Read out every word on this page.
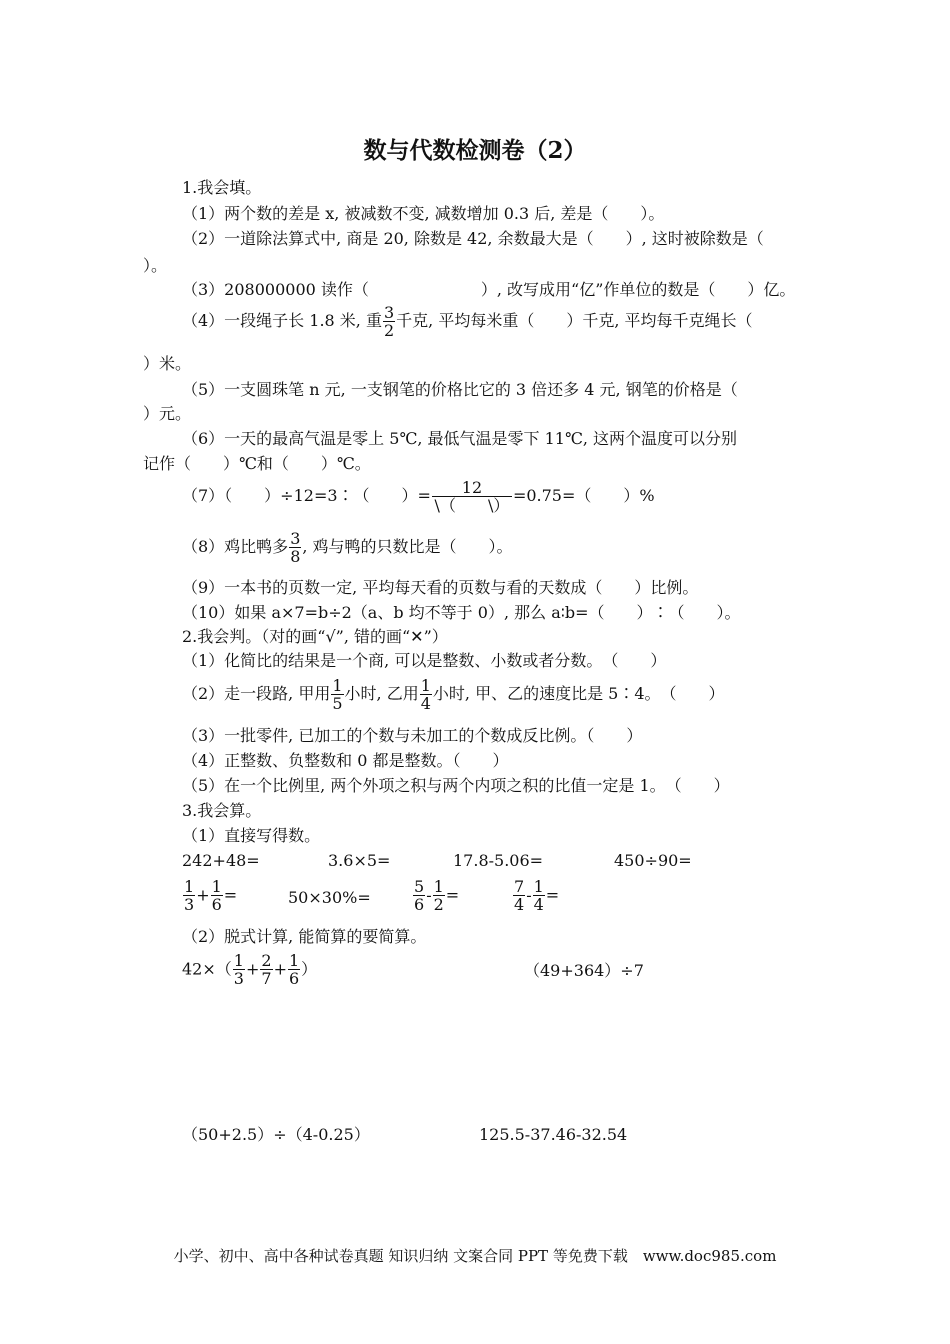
数与代数检测卷（2）
1.我会填。
（1）两个数的差是 x, 被减数不变, 减数增加 0.3 后, 差是（　　）。
（2）一道除法算式中, 商是 20, 除数是 42, 余数最大是（　　）, 这时被除数是（
）。
（3）208000000 读作（　　　　　　　）, 改写成用“亿”作单位的数是（　　）亿。
（4）一段绳子长 1.8 米, 重 $\frac{3}{2}$ 千克, 平均每米重（　　）千克, 平均每千克绳长（
）米。
（5）一支圆珠笔 n 元, 一支钢笔的价格比它的 3 倍还多 4 元, 钢笔的价格是（
）元。
（6）一天的最高气温是零上 5℃, 最低气温是零下 11℃, 这两个温度可以分别
记作（　　）℃和（　　）℃。
（7）（　　）÷12=3∶（　　）=	12
\（　　\）
=0.75=（　　）%
（8）鸡比鸭多 $\frac{3}{8}$ , 鸡与鸭的只数比是（　　）。
（9）一本书的页数一定, 平均每天看的页数与看的天数成（　　）比例。
（10）如果 a×7=b÷2（a、b 均不等于 0）, 那么 a∶b=（　　）∶（　　）。
2.我会判。（对的画“√”, 错的画“✕”）
（1）化简比的结果是一个商, 可以是整数、小数或者分数。　（　　）
（2）走一段路, 甲用 $\frac{1}{5}$ 小时, 乙用 $\frac{1}{4}$ 小时, 甲、乙的速度比是 5∶4。　（　　）
（3）一批零件, 已加工的个数与未加工的个数成反比例。（　　）
（4）正整数、负整数和 0 都是整数。（　　）
（5）在一个比例里, 两个外项之积与两个内项之积的比值一定是 1。　（　　）
3.我会算。
（1）直接写得数。
242+48=	3.6×5=	17.8-5.06=	450÷90=
$\frac{1}{3} + \frac{1}{6}$ =	50×30%=	$\frac{5}{6} - \frac{1}{2}$ =	$\frac{7}{4} - \frac{1}{4}$ =
（2）脱式计算, 能简算的要简算。
$42\times( \frac{1}{3} + \frac{2}{7} + \frac{1}{6}$ ）	（49+364）÷7
（50+2.5）÷（4-0.25）	125.5-37.46-32.54
小学、初中、高中各种试卷真题 知识归纳 文案合同 PPT 等免费下载　www.doc985.com
